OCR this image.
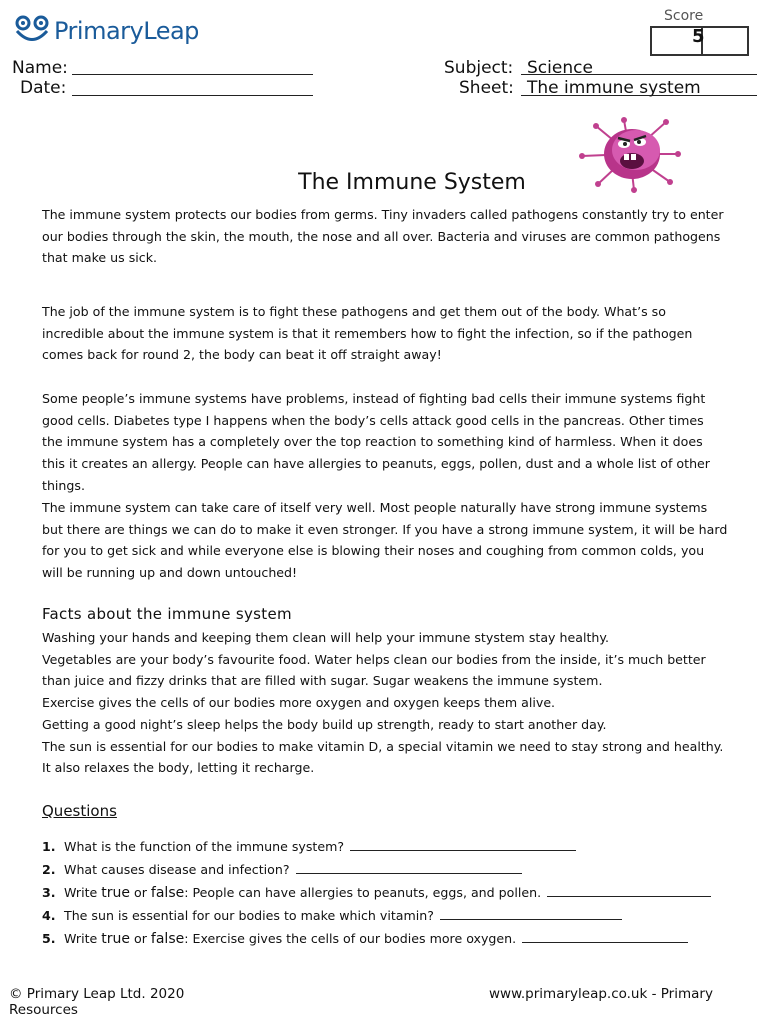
PrimaryLeap
Score
5
Name:
Date:
Subject: Science
Sheet: The immune system
The Immune System

The immune system protects our bodies from germs. Tiny invaders called pathogens constantly try to enter our bodies through the skin, the mouth, the nose and all over. Bacteria and viruses are common pathogens that make us sick.

The job of the immune system is to fight these pathogens and get them out of the body. What’s so incredible about the immune system is that it remembers how to fight the infection, so if the pathogen comes back for round 2, the body can beat it off straight away!

Some people’s immune systems have problems, instead of fighting bad cells their immune systems fight good cells. Diabetes type I happens when the body’s cells attack good cells in the pancreas. Other times the immune system has a completely over the top reaction to something kind of harmless. When it does this it creates an allergy. People can have allergies to peanuts, eggs, pollen, dust and a whole list of other things.

The immune system can take care of itself very well. Most people naturally have strong immune systems but there are things we can do to make it even stronger. If you have a strong immune system, it will be hard for you to get sick and while everyone else is blowing their noses and coughing from common colds, you will be running up and down untouched!

Facts about the immune system
Washing your hands and keeping them clean will help your immune stystem stay healthy.
Vegetables are your body’s favourite food. Water helps clean our bodies from the inside, it’s much better than juice and fizzy drinks that are filled with sugar. Sugar weakens the immune system.
Exercise gives the cells of our bodies more oxygen and oxygen keeps them alive.
Getting a good night’s sleep helps the body build up strength, ready to start another day.
The sun is essential for our bodies to make vitamin D, a special vitamin we need to stay strong and healthy. It also relaxes the body, letting it recharge.
Questions
1. What is the function of the immune system?
2. What causes disease and infection?
3. Write
true
or
false : People can have allergies to peanuts, eggs, and pollen.
4. The sun is essential for our bodies to make which vitamin?
5. Write
true
or
false : Exercise gives the cells of our bodies more oxygen.
© Primary Leap Ltd. 2020
Resources
www.primaryleap.co.uk - Primary
